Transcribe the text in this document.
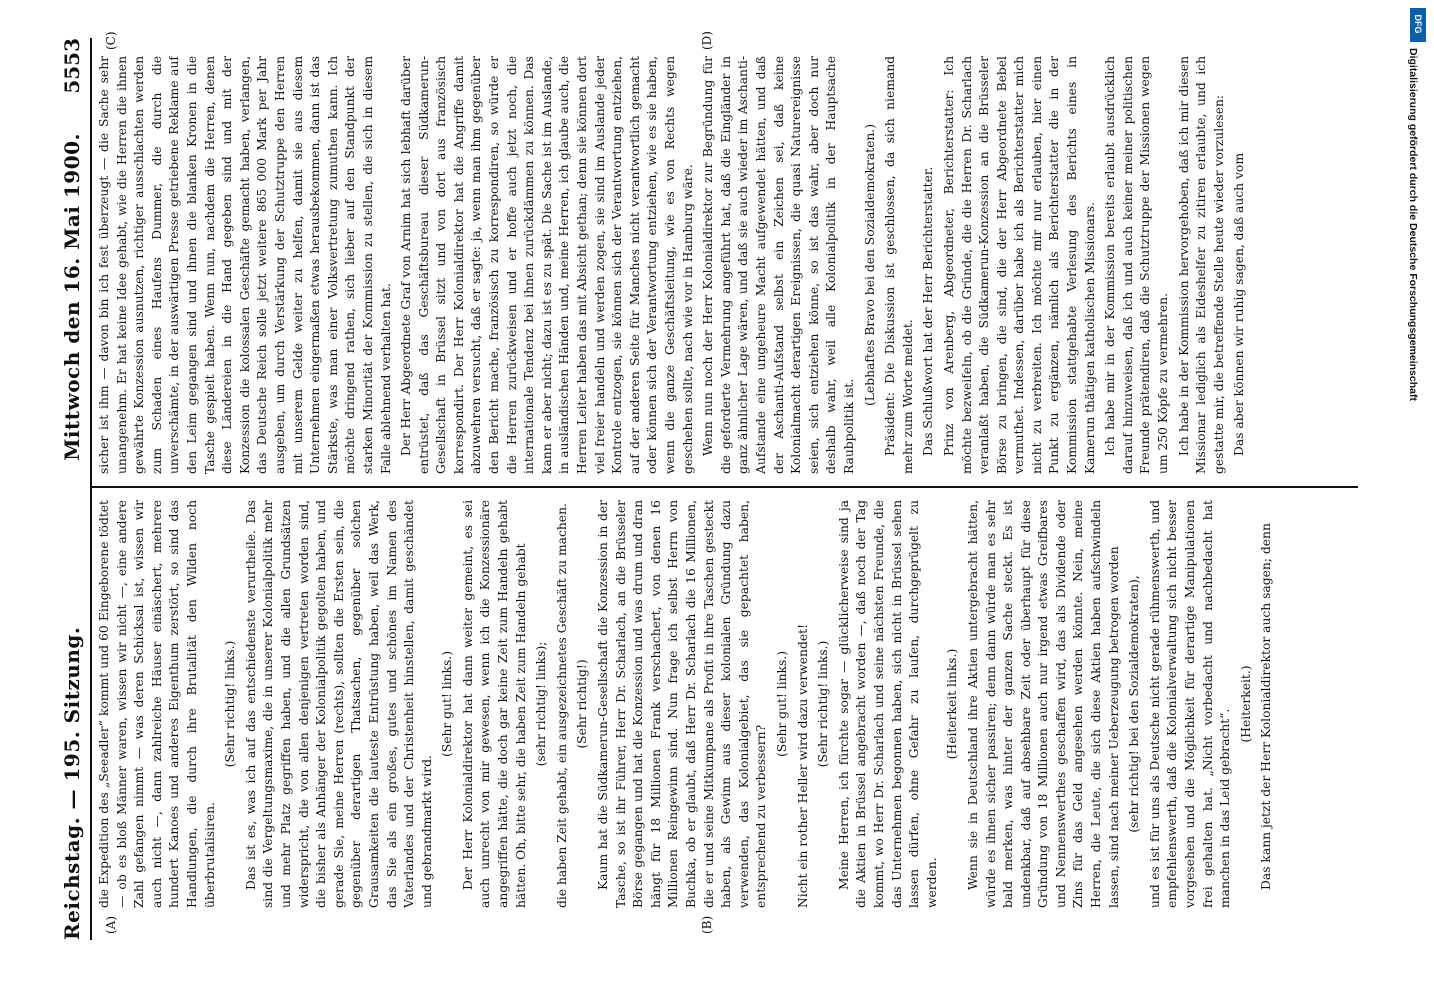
Reichstag. — 195. Sitzung.
Mittwoch den 16. Mai 1900.
5553
(A)	(B)
(C)	(D)

die Expedition des „Seeadler“ kommt und 60 Eingeborene tödtet — ob es bloß Männer waren, wissen wir nicht —, eine andere Zahl gefangen nimmt — was deren Schicksal ist, wissen wir auch nicht —, dann zahlreiche Häuser einäschert, mehrere hundert Kanoes und anderes Eigenthum zerstört, so sind das Handlungen, die durch ihre Brutalität den Wilden noch überbrutalisiren.

(Sehr richtig! links.) Das ist es, was ich auf das entschiedenste verurtheile. Das sind die Vergeltungsmaxime, die in unserer Kolonialpolitik mehr und mehr Platz gegriffen haben, und die allen Grundsätzen widerspricht, die von allen denjenigen vertreten worden sind, die bisher als Anhänger der Kolonialpolitik gegolten haben, und gerade Sie, meine Herren (rechts), sollten die Ersten sein, die gegenüber derartigen Thatsachen, gegenüber solchen Grausamkeiten die lauteste Entrüstung haben, weil das Werk, das Sie als ein großes, gutes und schönes im Namen des Vaterlandes und der Christenheit hinstellen, damit geschändet und gebrandmarkt wird.

(Sehr gut! links.) Der Herr Kolonialdirektor hat dann weiter gemeint, es sei auch unrecht von mir gewesen, wenn ich die Konzessionäre angegriffen hätte, die doch gar keine Zeit zum Handeln gehabt hätten. Oh, bitte sehr, die haben Zeit zum Handeln gehabt (sehr richtig! links); die haben Zeit gehabt, ein ausgezeichnetes Geschäft zu machen. (Sehr richtig!) Kaum hat die Südkamerun-Gesellschaft die Konzession in der Tasche, so ist ihr Führer, Herr Dr. Scharlach, an die Brüsseler Börse gegangen und hat die Konzession und was drum und dran hängt für 18 Millionen Frank verschachert, von denen 16 Millionen Reingewinn sind. Nun frage ich selbst Herrn von Buchka, ob er glaubt, daß Herr Dr. Scharlach die 16 Millionen, die er und seine Mitkumpane als Profit in ihre Taschen gesteckt haben, als Gewinn aus dieser kolonialen Gründung dazu verwenden, das Kolonialgebiet, das sie gepachtet haben, entsprechend zu verbessern?

(Sehr gut! links.) Nicht ein rother Heller wird dazu verwendet! (Sehr richtig! links.) Meine Herren, ich fürchte sogar — glücklicherweise sind ja die Aktien in Brüssel angebracht worden —, daß noch der Tag kommt, wo Herr Dr. Scharlach und seine nächsten Freunde, die das Unternehmen begonnen haben, sich nicht in Brüssel sehen lassen dürfen, ohne Gefahr zu laufen, durchgeprügelt zu werden.

(Heiterkeit links.) Wenn sie in Deutschland ihre Aktien untergebracht hätten, würde es ihnen sicher passiren; denn dann würde man es sehr bald merken, was hinter der ganzen Sache steckt. Es ist undenkbar, daß auf absehbare Zeit oder überhaupt für diese Gründung von 18 Millionen auch nur irgend etwas Greifbares und Nennenswerthes geschaffen wird, das als Dividende oder Zins für das Geld angesehen werden könnte. Nein, meine Herren, die Leute, die sich diese Aktien haben aufschwindeln lassen, sind nach meiner Ueberzeugung betrogen worden (sehr richtig! bei den Sozialdemokraten), und es ist für uns als Deutsche nicht gerade rühmenswerth, und empfehlenswerth, daß die Kolonialverwaltung sich nicht besser vorgesehen und die Möglichkeit für derartige Manipulationen frei gehalten hat. „Nicht vorbedacht und nachbedacht hat manchen in das Leid gebracht“.

(Heiterkeit.) Das kann jetzt der Herr Kolonialdirektor auch sagen; denn

sicher ist ihm — davon bin ich fest überzeugt — die Sache sehr unangenehm. Er hat keine Idee gehabt, wie die Herren die ihnen gewährte Konzession ausnutzen, richtiger ausschlachten werden zum Schaden eines Haufens Dummer, die durch die unverschämte, in der auswärtigen Presse getriebene Reklame auf den Leim gegangen sind und ihnen die blanken Kronen in die Tasche gespielt haben. Wenn nun, nachdem die Herren, denen diese Ländereien in die Hand gegeben sind und mit der Konzession die kolossalen Geschäfte gemacht haben, verlangen, das Deutsche Reich solle jetzt weitere 865 000 Mark per Jahr ausgeben, um durch Verstärkung der Schutztruppe den Herren mit unserem Gelde weiter zu helfen, damit sie aus diesem Unternehmen eingermaßen etwas herausbekommen, dann ist das Stärkste, was man einer Volksvertretung zumuthen kann. Ich möchte dringend rathen, sich lieber auf den Standpunkt der starken Minorität der Kommission zu stellen, die sich in diesem Falle ablehnend verhalten hat. Der Herr Abgeordnete Graf von Arnim hat sich lebhaft darüber entrüstet, daß das Geschäftsbureau dieser Südkamerun-Gesellschaft in Brüssel sitzt und von dort aus französisch korrespondirt. Der Herr Kolonialdirektor hat die Angriffe damit abzuwehren versucht, daß er sagte: ja, wenn man ihm gegenüber den Bericht mache, französisch zu korrespondiren, so würde er die Herren zurückweisen und er hoffe auch jetzt noch, die internationale Tendenz bei ihnen zurückdämmen zu können. Das kann er aber nicht; dazu ist es zu spät. Die Sache ist im Auslande, in ausländischen Händen und, meine Herren, ich glaube auch, die Herren Leiter haben das mit Absicht gethan; denn sie können dort viel freier handeln und werden zogen, sie sind im Auslande jeder Kontrole entzogen, sie können sich der Verantwortung entziehen, auf der anderen Seite für Manches nicht verantwortlich gemacht oder können sich der Verantwortung entziehen, wie es sie haben, wenn die ganze Geschäftsleitung, wie es von Rechts wegen geschehen sollte, nach wie vor in Hamburg wäre. Wenn nun noch der Herr Kolonialdirektor zur Begründung für die geforderte Vermehrung angeführt hat, daß die Eingländer in ganz ähnlicher Lage wären, und daß sie auch wieder im Aschanti-Aufstande eine ungeheure Macht aufgewendet hätten, und daß der Aschanti-Aufstand selbst ein Zeichen sei, daß keine Kolonialmacht derartigen Ereignissen, die quasi Naturereignisse seien, sich entziehen könne, so ist das wahr, aber doch nur deshalb wahr, weil alle Kolonialpolitik in der Hauptsache Raubpolitik ist.

(Lebhaftes Bravo bei den Sozialdemokraten.) Präsident: Die Diskussion ist geschlossen, da sich niemand mehr zum Worte meldet. Das Schlußwort hat der Herr Berichterstatter. Prinz von Arenberg, Abgeordneter, Berichterstatter: Ich möchte bezweifeln, ob die Gründe, die die Herren Dr. Scharlach veranlaßt haben, die Südkamerun-Konzession an die Brüsseler Börse zu bringen, die sind, die der Herr Abgeordnete Bebel vermuthet. Indessen, darüber habe ich als Berichterstatter mich nicht zu verbreiten. Ich möchte mir nur erlauben, hier einen Punkt zu ergänzen, nämlich als Berichterstatter die in der Kommission stattgehabte Verlesung des Berichts eines in Kamerun thätigen katholischen Missionars. Ich habe mir in der Kommission bereits erlaubt ausdrücklich darauf hinzuweisen, daß ich und auch keiner meiner politischen Freunde prätendiren, daß die Schutztruppe der Missionen wegen um 250 Köpfe zu vermehren. Ich habe in der Kommission hervorgehoben, daß ich mir diesen Missionar lediglich als Eideshelfer zu zitiren erlaubte, und ich gestatte mir, die betreffende Stelle heute wieder vorzulesen: Das aber können wir ruhig sagen, daß auch vom

DFG
Digitalisierung gefördert durch die Deutsche Forschungsgemeinschaft
